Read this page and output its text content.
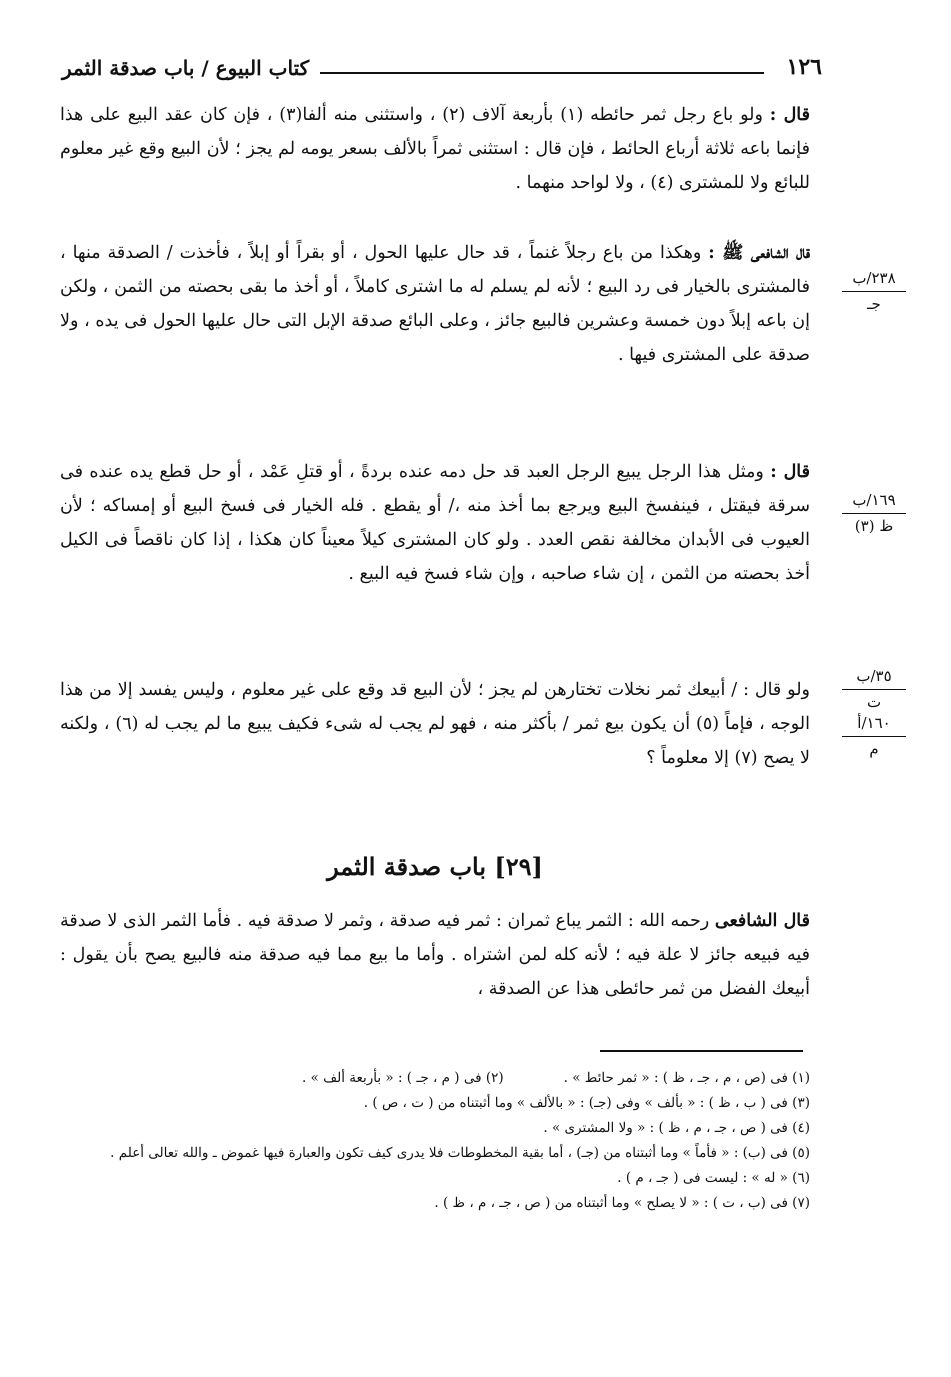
١٢٦
كتاب البيوع / باب صدقة الثمر
قال : ولو باع رجل ثمر حائطه (١) بأربعة آلاف (٢) ، واستثنى منه ألفا(٣) ، فإن كان عقد البيع على هذا فإنما باعه ثلاثة أرباع الحائط ، فإن قال : استثنى ثمراً بالألف بسعر يومه لم يجز ؛ لأن البيع وقع غير معلوم للبائع ولا للمشترى (٤) ، ولا لواحد منهما .
قال الشافعى ﷺ : وهكذا من باع رجلاً غنماً ، قد حال عليها الحول ، أو بقراً أو إبلاً ، فأخذت / الصدقة منها ، فالمشترى بالخيار فى رد البيع ؛ لأنه لم يسلم له ما اشترى كاملاً ، أو أخذ ما بقى بحصته من الثمن ، ولكن إن باعه إبلاً دون خمسة وعشرين فالبيع جائز ، وعلى البائع صدقة الإبل التى حال عليها الحول فى يده ، ولا صدقة على المشترى فيها .
قال : ومثل هذا الرجل يبيع الرجل العبد قد حل دمه عنده بردةً ، أو قتلِ عَمْد ، أو حل قطع يده عنده فى سرقة فيقتل ، فينفسخ البيع ويرجع بما أخذ منه ،/ أو يقطع . فله الخيار فى فسخ البيع أو إمساكه ؛ لأن العيوب فى الأبدان مخالفة نقص العدد . ولو كان المشترى كيلاً معيناً كان هكذا ، إذا كان ناقصاً فى الكيل أخذ بحصته من الثمن ، إن شاء صاحبه ، وإن شاء فسخ فيه البيع .
ولو قال : / أبيعك ثمر نخلات تختارهن لم يجز ؛ لأن البيع قد وقع على غير معلوم ، وليس يفسد إلا من هذا الوجه ، فإماً (٥) أن يكون بيع ثمر / بأكثر منه ، فهو لم يجب له شىء فكيف يبيع ما لم يجب له (٦) ، ولكنه لا يصح (٧) إلا معلوماً ؟
٢٣٨/ب
جـ
١٦٩/ب
ظ (٣)
٣٥/ب
ت
١٦٠/أ
م
[٢٩] باب صدقة الثمر
قال الشافعى رحمه الله : الثمر يباع ثمران : ثمر فيه صدقة ، وثمر لا صدقة فيه . فأما الثمر الذى لا صدقة فيه فبيعه جائز لا علة فيه ؛ لأنه كله لمن اشتراه . وأما ما بيع مما فيه صدقة منه فالبيع يصح بأن يقول : أبيعك الفضل من ثمر حائطى هذا عن الصدقة ،
(١) فى (ص ، م ، جـ ، ظ ) : « ثمر حائط » .
(٢) فى ( م ، جـ ) : « بأربعة ألف » .
(٣) فى ( ب ، ظ ) : « بألف » وفى (جـ) : « بالألف » وما أثبتناه من ( ت ، ص ) .
(٤) فى ( ص ، جـ ، م ، ظ ) : « ولا المشترى » .
(٥) فى (ب) : « فأماً » وما أثبتناه من (جـ) ، أما بقية المخطوطات فلا يدرى كيف تكون والعبارة فيها غموض ـ والله تعالى أعلم .
(٦) « له » : ليست فى ( جـ ، م ) .
(٧) فى (ب ، ت ) : « لا يصلح » وما أثبتناه من ( ص ، جـ ، م ، ظ ) .
